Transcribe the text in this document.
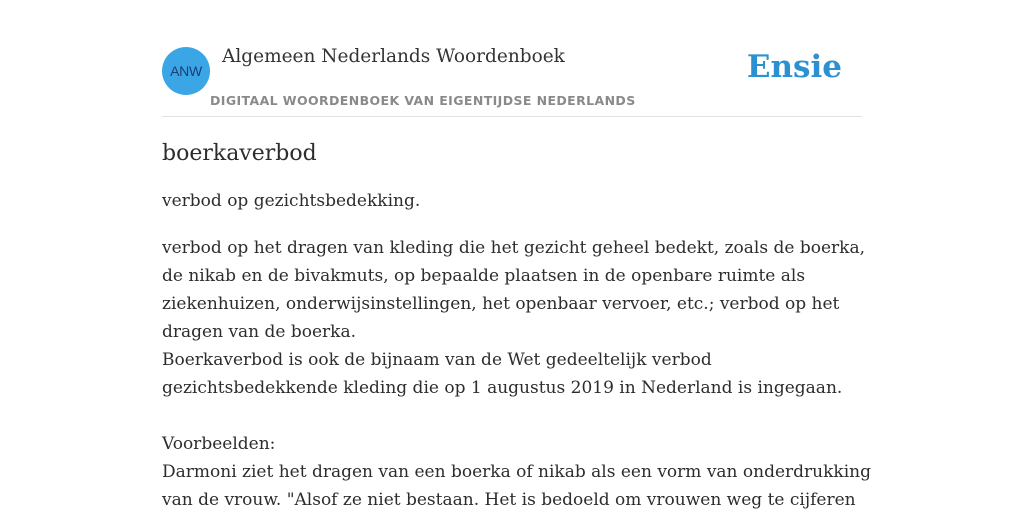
ANW
Algemeen Nederlands Woordenboek
DIGITAAL WOORDENBOEK VAN EIGENTIJDSE NEDERLANDS
Ensie
boerkaverbod

verbod op gezichtsbedekking.

verbod op het dragen van kleding die het gezicht geheel bedekt, zoals de boerka,
de nikab en de bivakmuts, op bepaalde plaatsen in de openbare ruimte als
ziekenhuizen, onderwijsinstellingen, het openbaar vervoer, etc.; verbod op het
dragen van de boerka.
Boerkaverbod is ook de bijnaam van de Wet gedeeltelijk verbod
gezichtsbedekkende kleding die op 1 augustus 2019 in Nederland is ingegaan.
Voorbeelden:
Darmoni ziet het dragen van een boerka of nikab als een vorm van onderdrukking
van de vrouw. "Alsof ze niet bestaan. Het is bedoeld om vrouwen weg te cijferen
